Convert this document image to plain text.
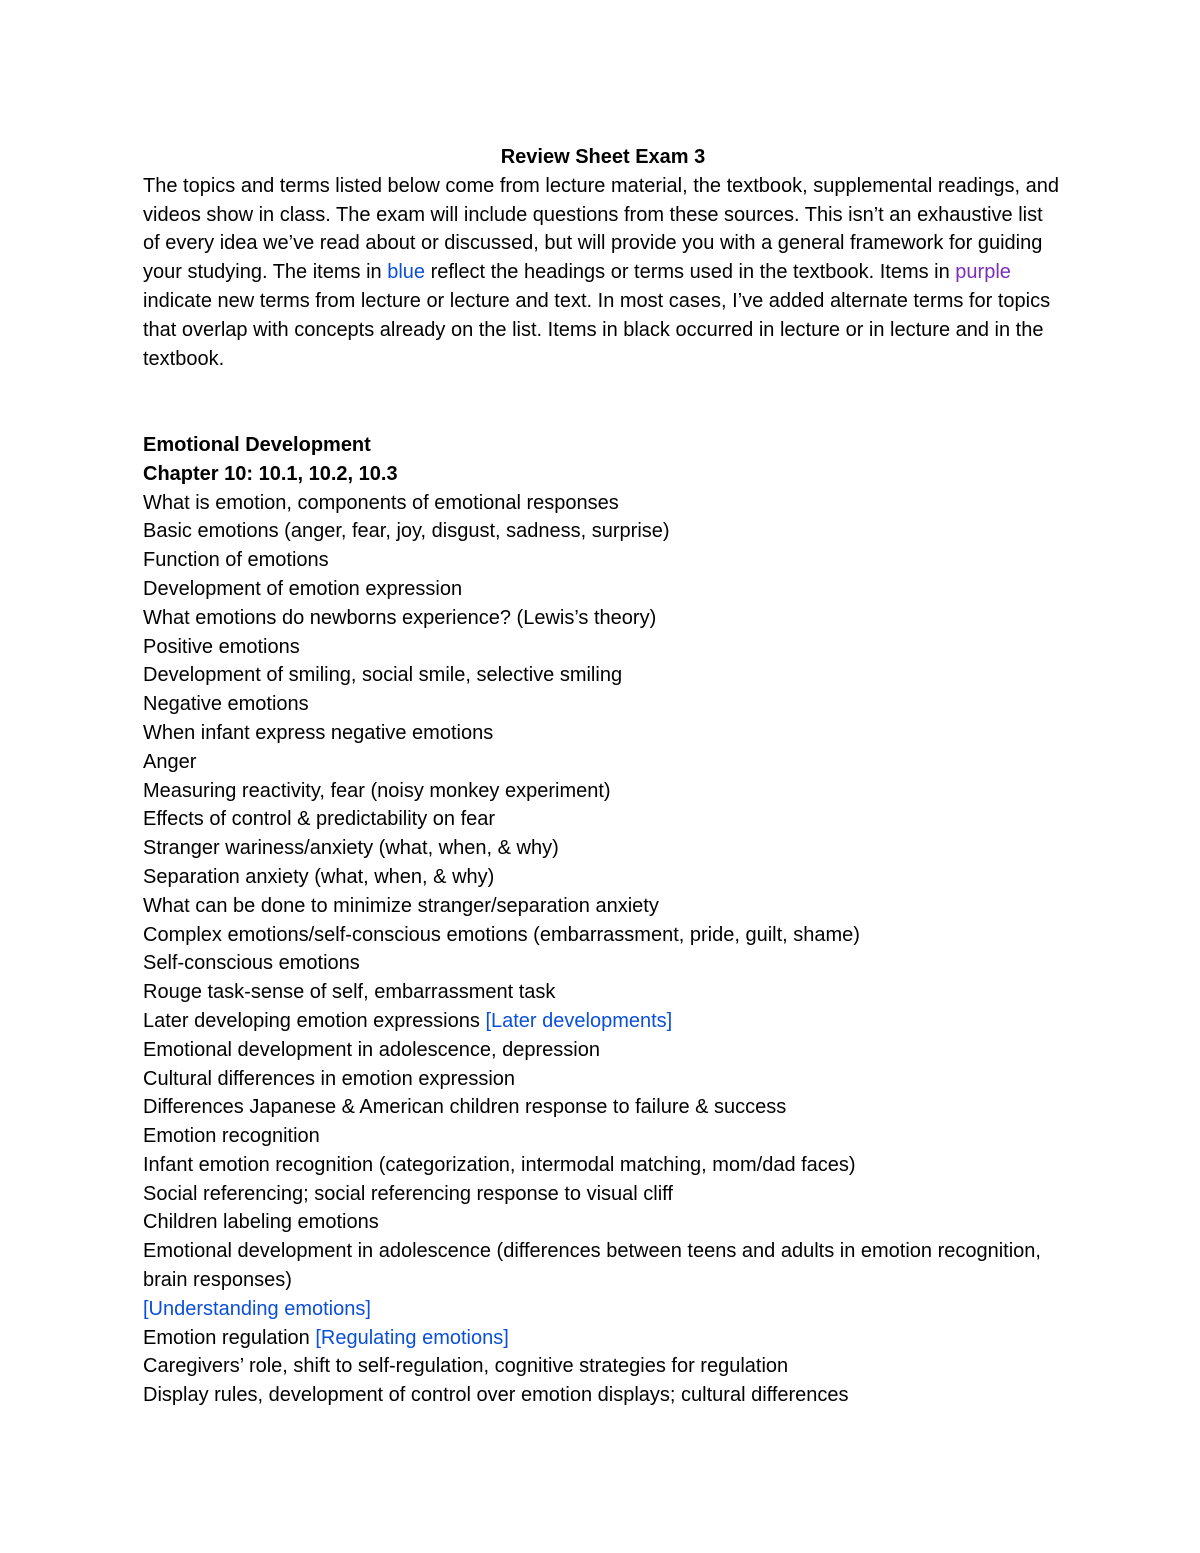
Review Sheet Exam 3

The topics and terms listed below come from lecture material, the textbook, supplemental readings, and videos show in class. The exam will include questions from these sources. This isn’t an exhaustive list of every idea we’ve read about or discussed, but will provide you with a general framework for guiding your studying. The items in blue reflect the headings or terms used in the textbook. Items in purple indicate new terms from lecture or lecture and text. In most cases, I’ve added alternate terms for topics that overlap with concepts already on the list. Items in black occurred in lecture or in lecture and in the textbook.

Emotional Development

Chapter 10: 10.1, 10.2, 10.3

What is emotion, components of emotional responses

Basic emotions (anger, fear, joy, disgust, sadness, surprise)

Function of emotions

Development of emotion expression

What emotions do newborns experience? (Lewis’s theory)

Positive emotions

Development of smiling, social smile, selective smiling

Negative emotions

When infant express negative emotions

Anger

Measuring reactivity, fear (noisy monkey experiment)

Effects of control & predictability on fear

Stranger wariness/anxiety (what, when, & why)

Separation anxiety (what, when, & why)

What can be done to minimize stranger/separation anxiety

Complex emotions/self-conscious emotions (embarrassment, pride, guilt, shame)

Self-conscious emotions

Rouge task-sense of self, embarrassment task

Later developing emotion expressions [Later developments]

Emotional development in adolescence, depression

Cultural differences in emotion expression

Differences Japanese & American children response to failure & success

Emotion recognition

Infant emotion recognition (categorization, intermodal matching, mom/dad faces)

Social referencing; social referencing response to visual cliff

Children labeling emotions

Emotional development in adolescence (differences between teens and adults in emotion recognition, brain responses)

[Understanding emotions]

Emotion regulation [Regulating emotions]

Caregivers’ role, shift to self-regulation, cognitive strategies for regulation

Display rules, development of control over emotion displays; cultural differences
